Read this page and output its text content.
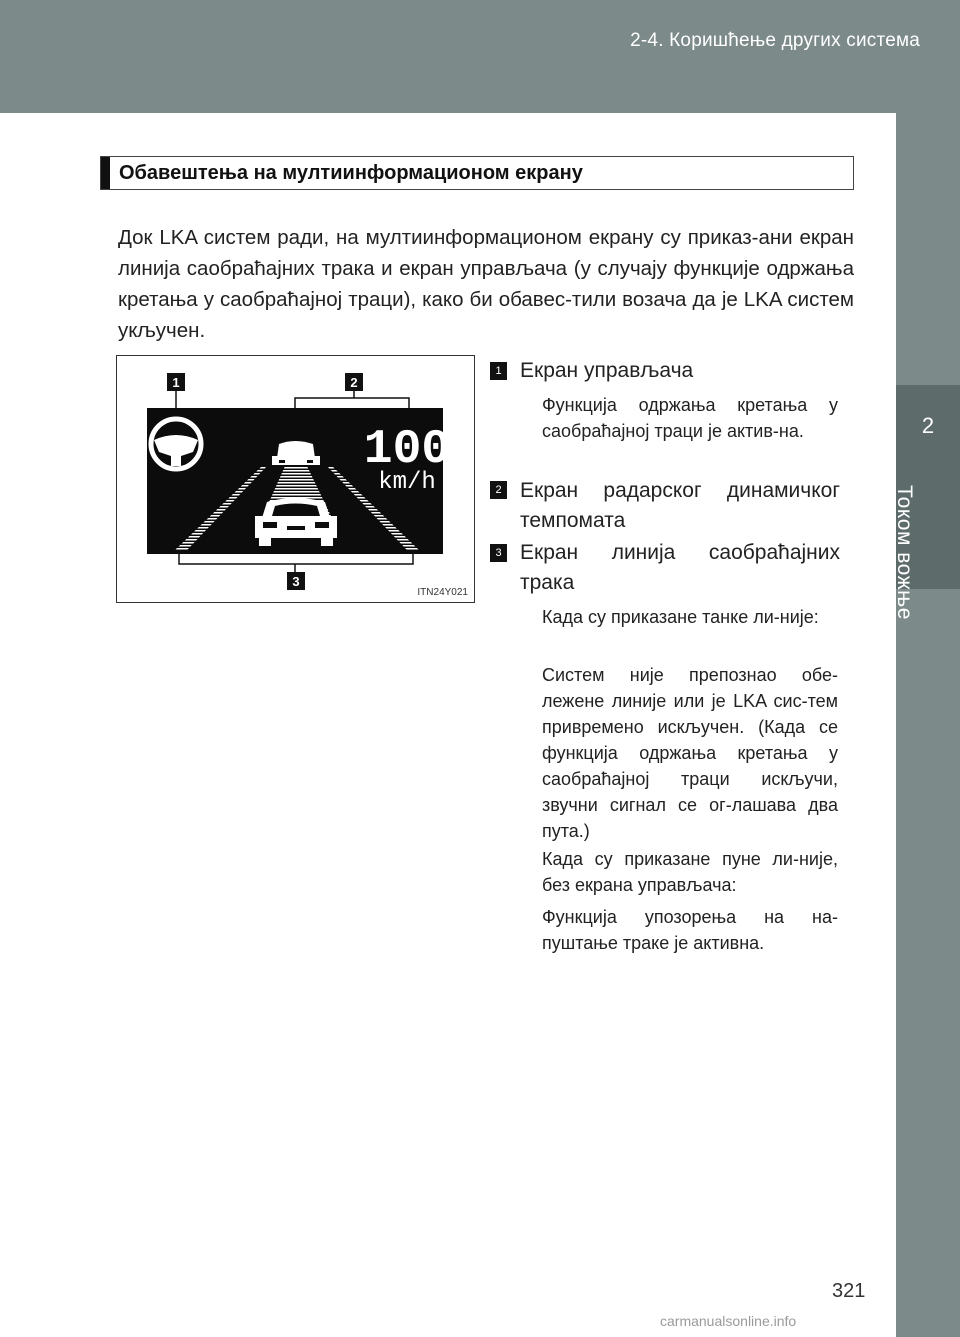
2-4. Коришћење других система
2
Током вожње
Обавештења на мултиинформационом екрану
Док LKA систем ради, на мултиинформационом екрану су приказ-ани екран линија саобраћајних трака и екран управљача (у случају функције одржања кретања у саобраћајној траци), како би обавес-тили возача да је LKA систем укључен.
1	2
100
km/h
3
ITN24Y021
1 Екран управљача
Функција одржања кретања у саобраћајној траци је актив-на.
2 Екран радарског динамичког темпомата
3 Екран линија саобраћајних трака
Када су приказане танке ли-није:
Систем није препознао обе-лежене линије или је LKA сис-тем привремено искључен. (Када се функција одржања кретања у саобраћајној траци искључи, звучни сигнал се ог-лашава два пута.)
Када су приказане пуне ли-није, без екрана управљача:
Функција упозорења на на-пуштање траке је активна.
321
carmanualsonline.info
